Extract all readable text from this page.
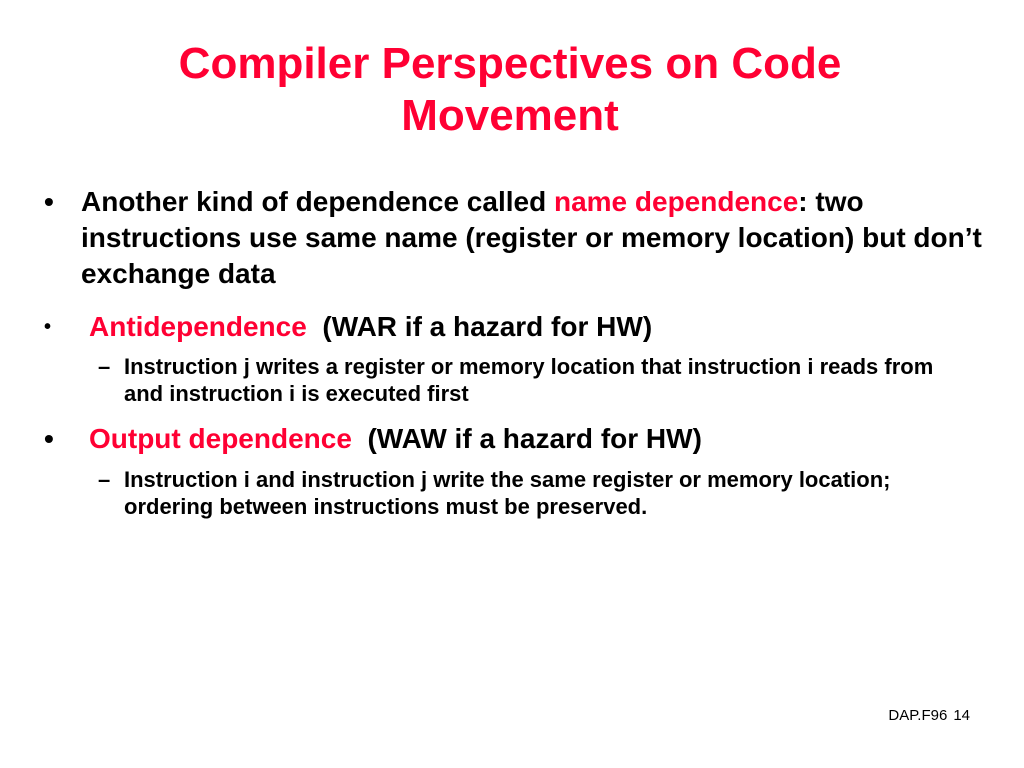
Compiler Perspectives on Code
Movement
• Another kind of dependence called name dependence: two instructions use same name (register or memory location) but don’t exchange data
•	Antidependence  (WAR if a hazard for HW)
– Instruction j writes a register or memory location that instruction i reads from and instruction i is executed first
•	Output dependence  (WAW if a hazard for HW)
– Instruction i and instruction j write the same register or memory location; ordering between instructions must be preserved.
DAP.F96 14
